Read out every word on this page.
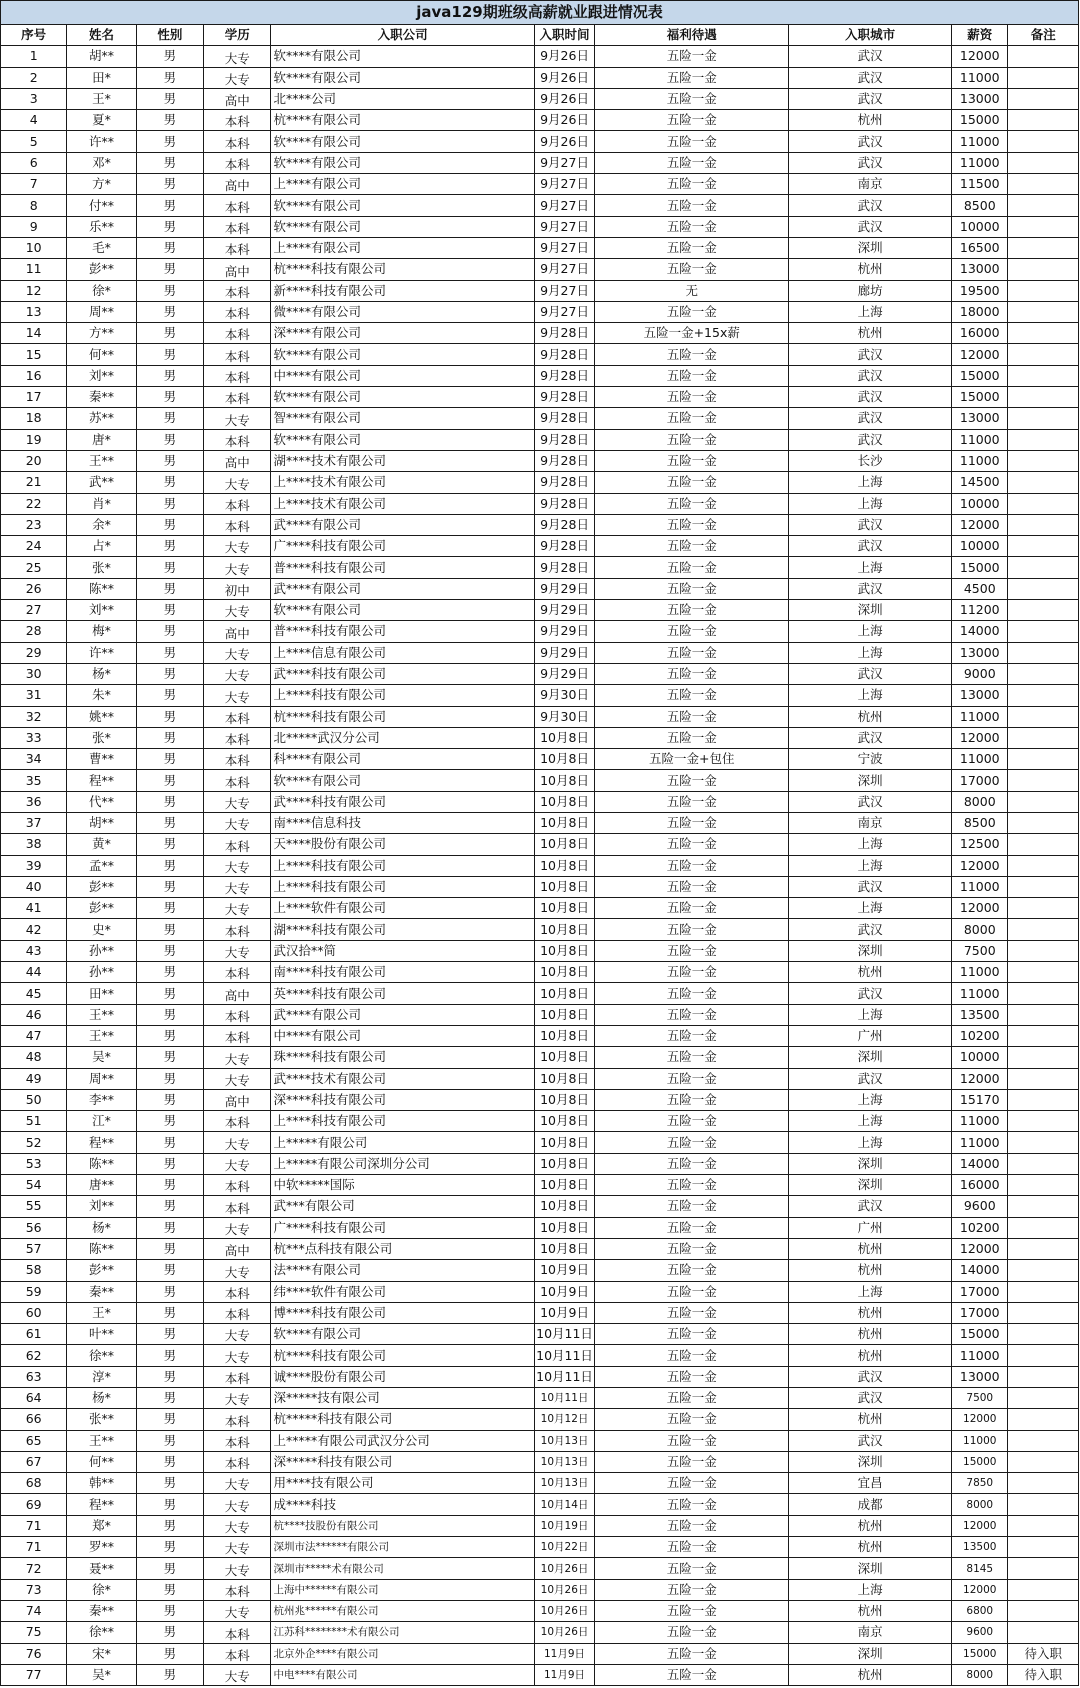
java129期班级高薪就业跟进情况表									
序号	姓名	性别	学历	入职公司	入职时间	福利待遇	入职城市	薪资	备注
1	胡**	男	大专	软****有限公司	9月26日	五险一金	武汉	12000	
2	田*	男	大专	软****有限公司	9月26日	五险一金	武汉	11000	
3	王*	男	高中	北****公司	9月26日	五险一金	武汉	13000	
4	夏*	男	本科	杭****有限公司	9月26日	五险一金	杭州	15000	
5	许**	男	本科	软****有限公司	9月26日	五险一金	武汉	11000	
6	邓*	男	本科	软****有限公司	9月27日	五险一金	武汉	11000	
7	方*	男	高中	上****有限公司	9月27日	五险一金	南京	11500	
8	付**	男	本科	软****有限公司	9月27日	五险一金	武汉	8500	
9	乐**	男	本科	软****有限公司	9月27日	五险一金	武汉	10000	
10	毛*	男	本科	上****有限公司	9月27日	五险一金	深圳	16500	
11	彭**	男	高中	杭****科技有限公司	9月27日	五险一金	杭州	13000	
12	徐*	男	本科	新****科技有限公司	9月27日	无	廊坊	19500	
13	周**	男	本科	微****有限公司	9月27日	五险一金	上海	18000	
14	方**	男	本科	深****有限公司	9月28日	五险一金+15x薪	杭州	16000	
15	何**	男	本科	软****有限公司	9月28日	五险一金	武汉	12000	
16	刘**	男	本科	中****有限公司	9月28日	五险一金	武汉	15000	
17	秦**	男	本科	软****有限公司	9月28日	五险一金	武汉	15000	
18	苏**	男	大专	智****有限公司	9月28日	五险一金	武汉	13000	
19	唐*	男	本科	软****有限公司	9月28日	五险一金	武汉	11000	
20	王**	男	高中	湖****技术有限公司	9月28日	五险一金	长沙	11000	
21	武**	男	大专	上****技术有限公司	9月28日	五险一金	上海	14500	
22	肖*	男	本科	上****技术有限公司	9月28日	五险一金	上海	10000	
23	余*	男	本科	武****有限公司	9月28日	五险一金	武汉	12000	
24	占*	男	大专	广****科技有限公司	9月28日	五险一金	武汉	10000	
25	张*	男	大专	普****科技有限公司	9月28日	五险一金	上海	15000	
26	陈**	男	初中	武****有限公司	9月29日	五险一金	武汉	4500	
27	刘**	男	大专	软****有限公司	9月29日	五险一金	深圳	11200	
28	梅*	男	高中	普****科技有限公司	9月29日	五险一金	上海	14000	
29	许**	男	大专	上****信息有限公司	9月29日	五险一金	上海	13000	
30	杨*	男	大专	武****科技有限公司	9月29日	五险一金	武汉	9000	
31	朱*	男	大专	上****科技有限公司	9月30日	五险一金	上海	13000	
32	姚**	男	本科	杭****科技有限公司	9月30日	五险一金	杭州	11000	
33	张*	男	本科	北*****武汉分公司	10月8日	五险一金	武汉	12000	
34	曹**	男	本科	科****有限公司	10月8日	五险一金+包住	宁波	11000	
35	程**	男	本科	软****有限公司	10月8日	五险一金	深圳	17000	
36	代**	男	大专	武****科技有限公司	10月8日	五险一金	武汉	8000	
37	胡**	男	大专	南****信息科技	10月8日	五险一金	南京	8500	
38	黄*	男	本科	天****股份有限公司	10月8日	五险一金	上海	12500	
39	孟**	男	大专	上****科技有限公司	10月8日	五险一金	上海	12000	
40	彭**	男	大专	上****科技有限公司	10月8日	五险一金	武汉	11000	
41	彭**	男	大专	上****软件有限公司	10月8日	五险一金	上海	12000	
42	史*	男	本科	湖****科技有限公司	10月8日	五险一金	武汉	8000	
43	孙**	男	大专	武汉拾**简	10月8日	五险一金	深圳	7500	
44	孙**	男	本科	南****科技有限公司	10月8日	五险一金	杭州	11000	
45	田**	男	高中	英****科技有限公司	10月8日	五险一金	武汉	11000	
46	王**	男	本科	武****有限公司	10月8日	五险一金	上海	13500	
47	王**	男	本科	中****有限公司	10月8日	五险一金	广州	10200	
48	吴*	男	大专	珠****科技有限公司	10月8日	五险一金	深圳	10000	
49	周**	男	大专	武****技术有限公司	10月8日	五险一金	武汉	12000	
50	李**	男	高中	深****科技有限公司	10月8日	五险一金	上海	15170	
51	江*	男	本科	上****科技有限公司	10月8日	五险一金	上海	11000	
52	程**	男	大专	上*****有限公司	10月8日	五险一金	上海	11000	
53	陈**	男	大专	上*****有限公司深圳分公司	10月8日	五险一金	深圳	14000	
54	唐**	男	本科	中软*****国际	10月8日	五险一金	深圳	16000	
55	刘**	男	本科	武***有限公司	10月8日	五险一金	武汉	9600	
56	杨*	男	大专	广****科技有限公司	10月8日	五险一金	广州	10200	
57	陈**	男	高中	杭***点科技有限公司	10月8日	五险一金	杭州	12000	
58	彭**	男	大专	法****有限公司	10月9日	五险一金	杭州	14000	
59	秦**	男	本科	纬****软件有限公司	10月9日	五险一金	上海	17000	
60	王*	男	本科	博****科技有限公司	10月9日	五险一金	杭州	17000	
61	叶**	男	大专	软****有限公司	10月11日	五险一金	杭州	15000	
62	徐**	男	大专	杭****科技有限公司	10月11日	五险一金	杭州	11000	
63	淳*	男	本科	诚****股份有限公司	10月11日	五险一金	武汉	13000	
64	杨*	男	大专	深*****技有限公司	10月11日	五险一金	武汉	7500	
66	张**	男	本科	杭*****科技有限公司	10月12日	五险一金	杭州	12000	
65	王**	男	本科	上*****有限公司武汉分公司	10月13日	五险一金	武汉	11000	
67	何**	男	本科	深*****科技有限公司	10月13日	五险一金	深圳	15000	
68	韩**	男	大专	用****技有限公司	10月13日	五险一金	宜昌	7850	
69	程**	男	大专	成****科技	10月14日	五险一金	成都	8000	
71	郑*	男	大专	杭****技股份有限公司	10月19日	五险一金	杭州	12000	
71	罗**	男	大专	深圳市法******有限公司	10月22日	五险一金	杭州	13500	
72	聂**	男	大专	深圳市*****术有限公司	10月26日	五险一金	深圳	8145	
73	徐*	男	本科	上海中******有限公司	10月26日	五险一金	上海	12000	
74	秦**	男	大专	杭州兆******有限公司	10月26日	五险一金	杭州	6800	
75	徐**	男	本科	江苏科********术有限公司	10月26日	五险一金	南京	9600	
76	宋*	男	本科	北京外企****有限公司	11月9日	五险一金	深圳	15000	待入职
77	吴*	男	大专	中电****有限公司	11月9日	五险一金	杭州	8000	待入职
